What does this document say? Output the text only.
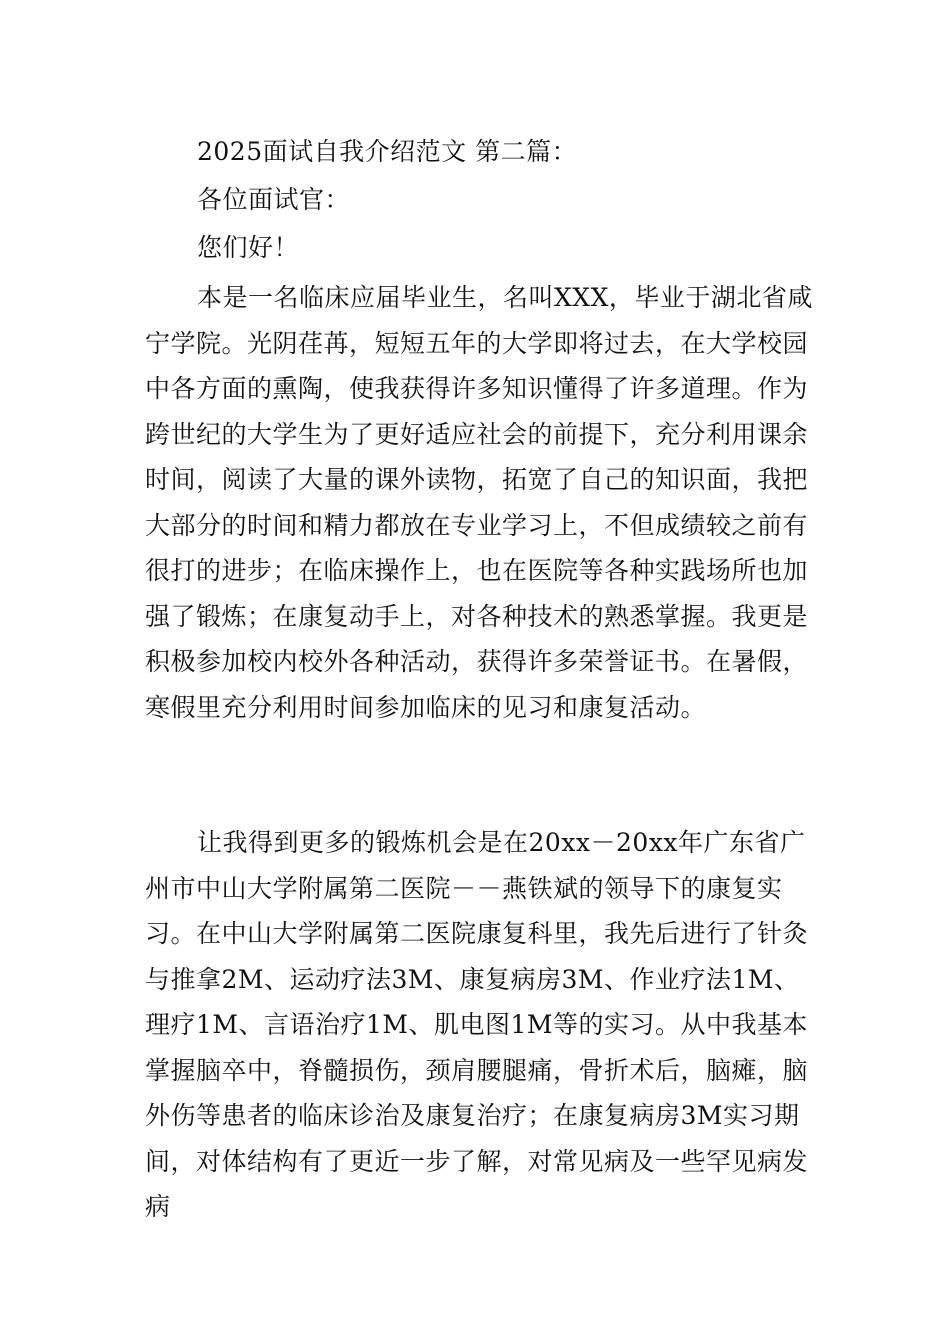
2025面试自我介绍范文 第二篇：

各位面试官：

您们好！

本是一名临床应届毕业生，名叫XXX，毕业于湖北省咸宁学院。光阴荏苒，短短五年的大学即将过去，在大学校园中各方面的熏陶，使我获得许多知识懂得了许多道理。作为跨世纪的大学生为了更好适应社会的前提下，充分利用课余时间，阅读了大量的课外读物，拓宽了自己的知识面，我把大部分的时间和精力都放在专业学习上，不但成绩较之前有很打的进步；在临床操作上，也在医院等各种实践场所也加强了锻炼；在康复动手上，对各种技术的熟悉掌握。我更是积极参加校内校外各种活动，获得许多荣誉证书。在暑假，寒假里充分利用时间参加临床的见习和康复活动。

让我得到更多的锻炼机会是在20xx－20xx年广东省广州市中山大学附属第二医院－－燕铁斌的领导下的康复实习。在中山大学附属第二医院康复科里，我先后进行了针灸与推拿2M、运动疗法3M、康复病房3M、作业疗法1M、理疗1M、言语治疗1M、肌电图1M等的实习。从中我基本掌握脑卒中，脊髓损伤，颈肩腰腿痛，骨折术后，脑瘫，脑外伤等患者的临床诊治及康复治疗；在康复病房3M实习期间，对体结构有了更近一步了解，对常见病及一些罕见病发病
